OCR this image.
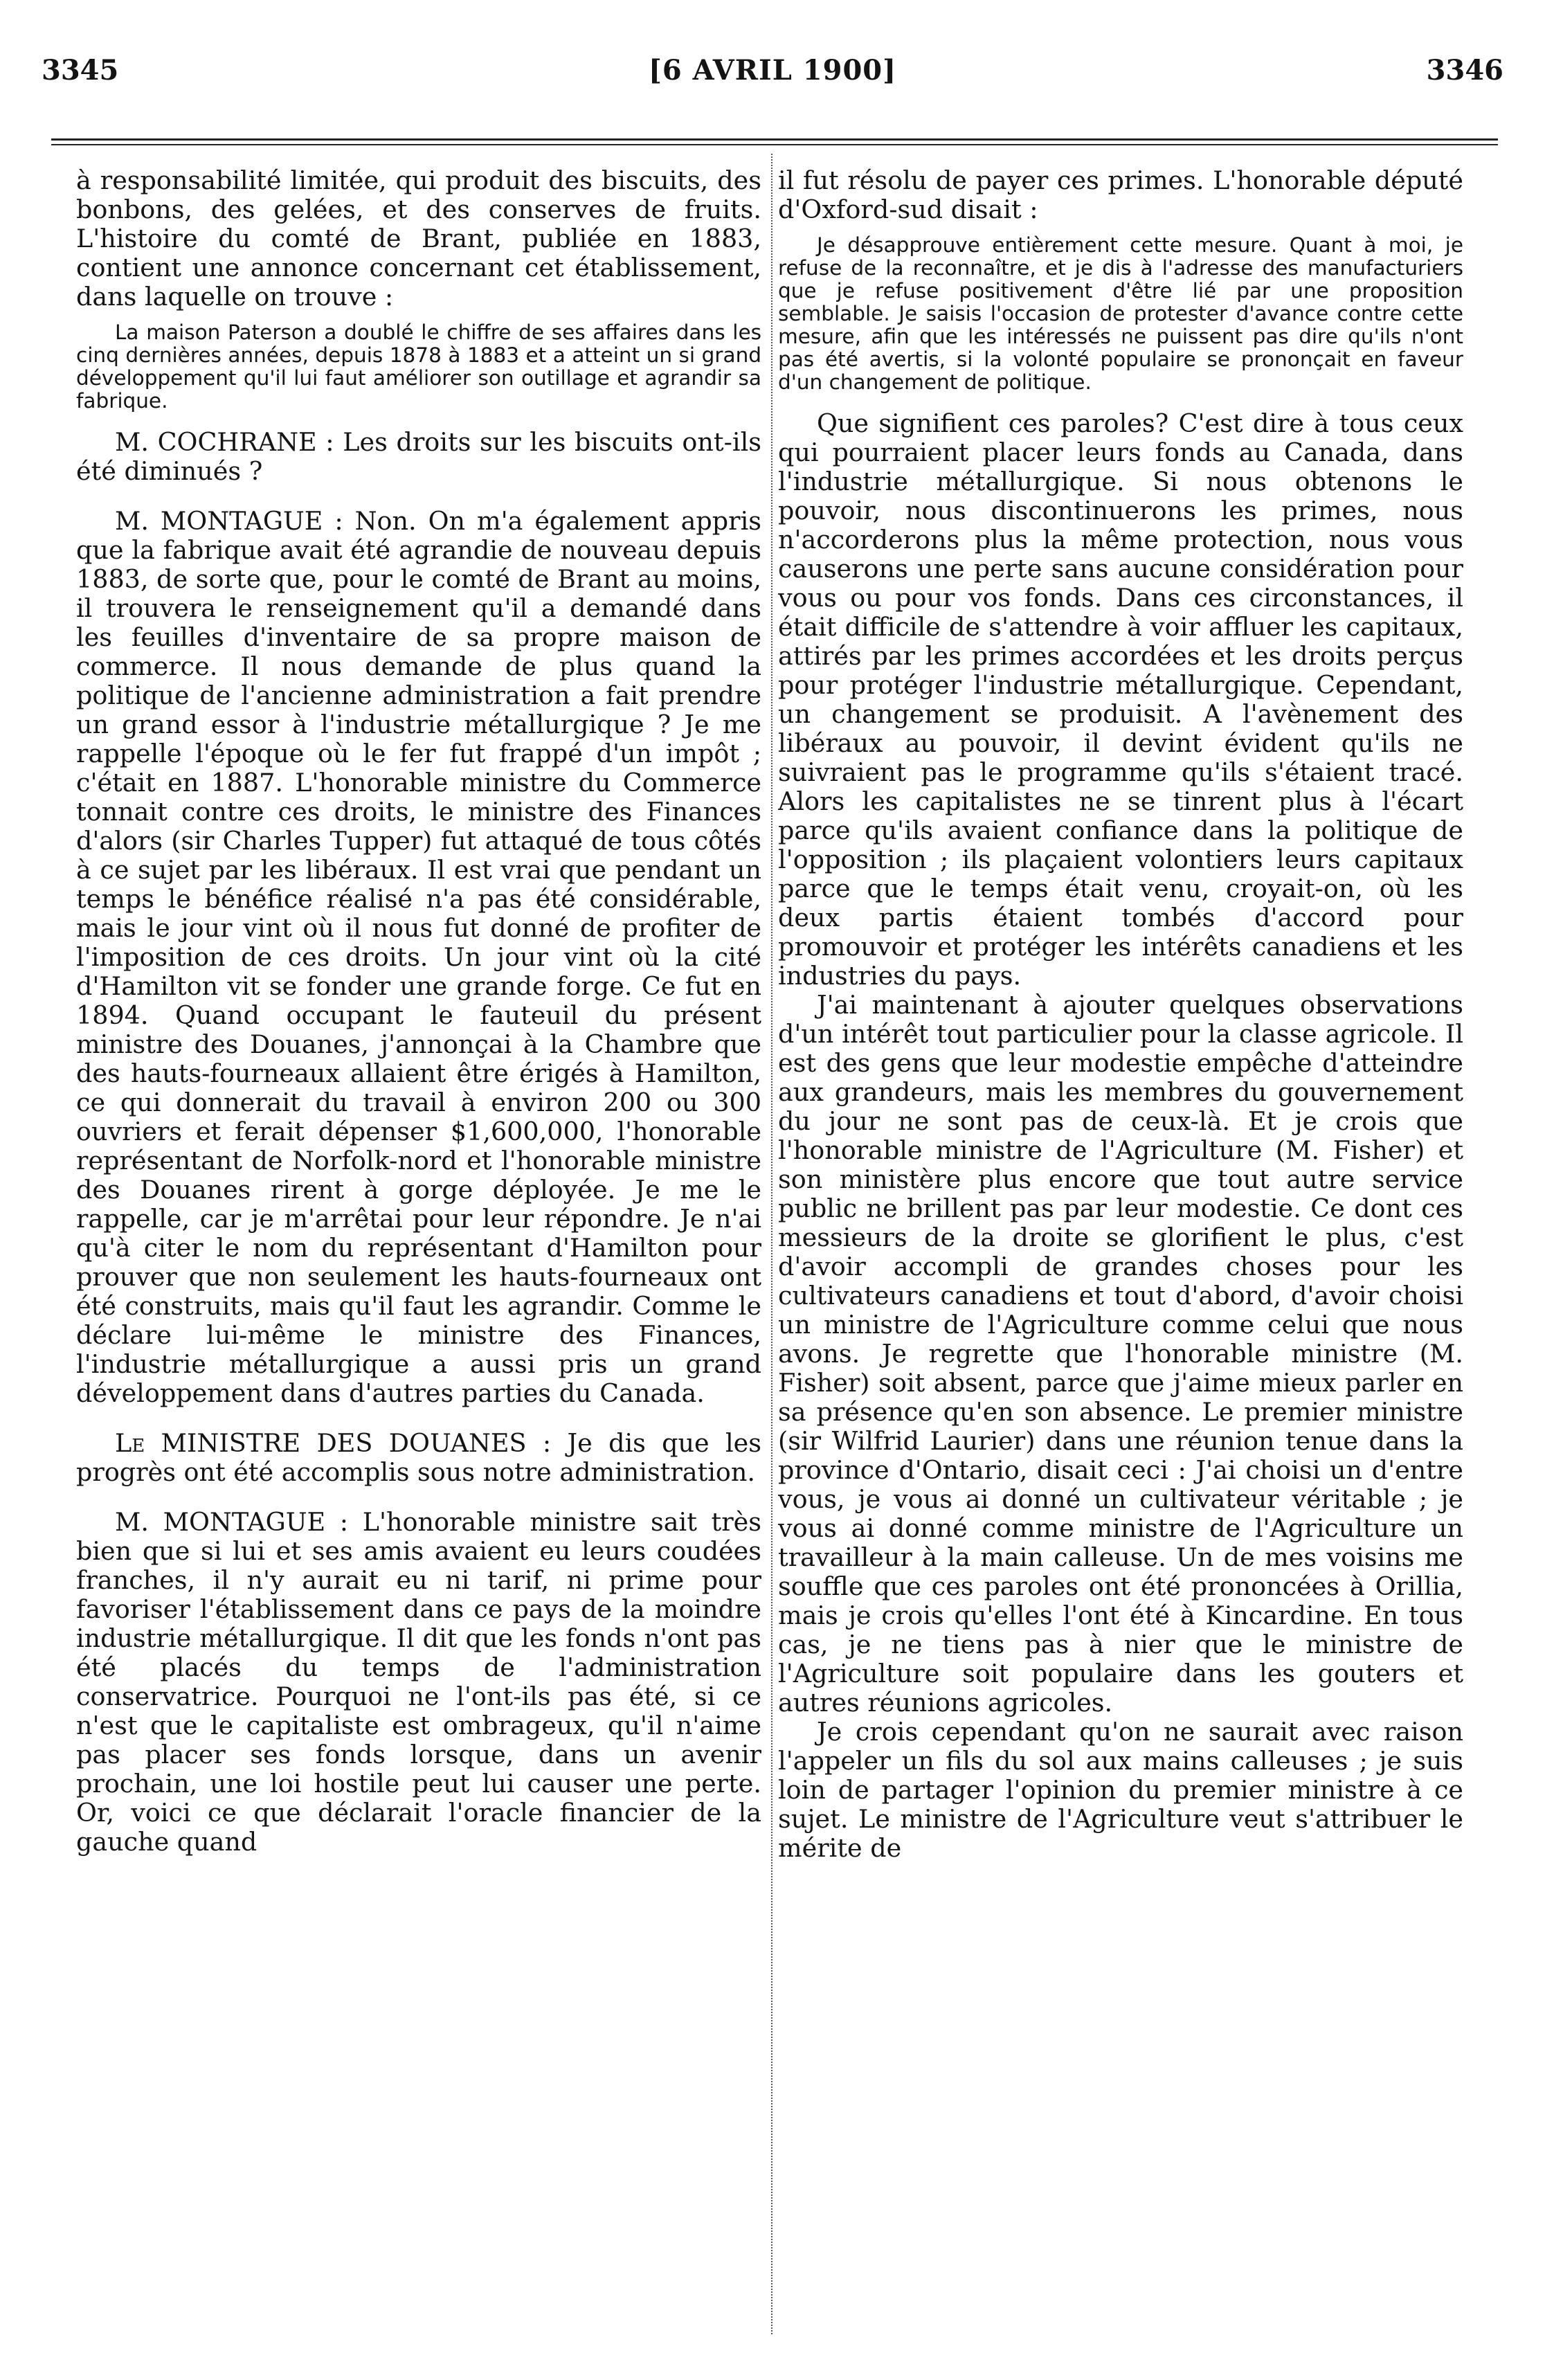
3345	[6 AVRIL 1900]	3346

à responsabilité limitée, qui produit des biscuits, des bonbons, des gelées, et des conserves de fruits. L'histoire du comté de Brant, publiée en 1883, contient une annonce concernant cet établissement, dans laquelle on trouve :

La maison Paterson a doublé le chiffre de ses affaires dans les cinq dernières années, depuis 1878 à 1883 et a atteint un si grand développement qu'il lui faut améliorer son outillage et agrandir sa fabrique.

M. COCHRANE : Les droits sur les biscuits ont-ils été diminués ?

M. MONTAGUE : Non. On m'a également appris que la fabrique avait été agrandie de nouveau depuis 1883, de sorte que, pour le comté de Brant au moins, il trouvera le renseignement qu'il a demandé dans les feuilles d'inventaire de sa propre maison de commerce. Il nous demande de plus quand la politique de l'ancienne administration a fait prendre un grand essor à l'industrie métallurgique ? Je me rappelle l'époque où le fer fut frappé d'un impôt ; c'était en 1887. L'honorable ministre du Commerce tonnait contre ces droits, le ministre des Finances d'alors (sir Charles Tupper) fut attaqué de tous côtés à ce sujet par les libéraux. Il est vrai que pendant un temps le bénéfice réalisé n'a pas été considérable, mais le jour vint où il nous fut donné de profiter de l'imposition de ces droits. Un jour vint où la cité d'Hamilton vit se fonder une grande forge. Ce fut en 1894. Quand occupant le fauteuil du présent ministre des Douanes, j'annonçai à la Chambre que des hauts-fourneaux allaient être érigés à Hamilton, ce qui donnerait du travail à environ 200 ou 300 ouvriers et ferait dépenser $1,600,000, l'honorable représentant de Norfolk-nord et l'honorable ministre des Douanes rirent à gorge déployée. Je me le rappelle, car je m'arrêtai pour leur répondre. Je n'ai qu'à citer le nom du représentant d'Hamilton pour prouver que non seulement les hauts-fourneaux ont été construits, mais qu'il faut les agrandir. Comme le déclare lui-même le ministre des Finances, l'industrie métallurgique a aussi pris un grand développement dans d'autres parties du Canada.

Le MINISTRE DES DOUANES : Je dis que les progrès ont été accomplis sous notre administration.

M. MONTAGUE : L'honorable ministre sait très bien que si lui et ses amis avaient eu leurs coudées franches, il n'y aurait eu ni tarif, ni prime pour favoriser l'établissement dans ce pays de la moindre industrie métallurgique. Il dit que les fonds n'ont pas été placés du temps de l'administration conservatrice. Pourquoi ne l'ont-ils pas été, si ce n'est que le capitaliste est ombrageux, qu'il n'aime pas placer ses fonds lorsque, dans un avenir prochain, une loi hostile peut lui causer une perte. Or, voici ce que déclarait l'oracle financier de la gauche quand

il fut résolu de payer ces primes. L'honorable député d'Oxford-sud disait :

Je désapprouve entièrement cette mesure. Quant à moi, je refuse de la reconnaître, et je dis à l'adresse des manufacturiers que je refuse positivement d'être lié par une proposition semblable. Je saisis l'occasion de protester d'avance contre cette mesure, afin que les intéressés ne puissent pas dire qu'ils n'ont pas été avertis, si la volonté populaire se prononçait en faveur d'un changement de politique.

Que signifient ces paroles? C'est dire à tous ceux qui pourraient placer leurs fonds au Canada, dans l'industrie métallurgique. Si nous obtenons le pouvoir, nous discontinuerons les primes, nous n'accorderons plus la même protection, nous vous causerons une perte sans aucune considération pour vous ou pour vos fonds. Dans ces circonstances, il était difficile de s'attendre à voir affluer les capitaux, attirés par les primes accordées et les droits perçus pour protéger l'industrie métallurgique. Cependant, un changement se produisit. A l'avènement des libéraux au pouvoir, il devint évident qu'ils ne suivraient pas le programme qu'ils s'étaient tracé. Alors les capitalistes ne se tinrent plus à l'écart parce qu'ils avaient confiance dans la politique de l'opposition ; ils plaçaient volontiers leurs capitaux parce que le temps était venu, croyait-on, où les deux partis étaient tombés d'accord pour promouvoir et protéger les intérêts canadiens et les industries du pays.

J'ai maintenant à ajouter quelques observations d'un intérêt tout particulier pour la classe agricole. Il est des gens que leur modestie empêche d'atteindre aux grandeurs, mais les membres du gouvernement du jour ne sont pas de ceux-là. Et je crois que l'honorable ministre de l'Agriculture (M. Fisher) et son ministère plus encore que tout autre service public ne brillent pas par leur modestie. Ce dont ces messieurs de la droite se glorifient le plus, c'est d'avoir accompli de grandes choses pour les cultivateurs canadiens et tout d'abord, d'avoir choisi un ministre de l'Agriculture comme celui que nous avons. Je regrette que l'honorable ministre (M. Fisher) soit absent, parce que j'aime mieux parler en sa présence qu'en son absence. Le premier ministre (sir Wilfrid Laurier) dans une réunion tenue dans la province d'Ontario, disait ceci : J'ai choisi un d'entre vous, je vous ai donné un cultivateur véritable ; je vous ai donné comme ministre de l'Agriculture un travailleur à la main calleuse. Un de mes voisins me souffle que ces paroles ont été prononcées à Orillia, mais je crois qu'elles l'ont été à Kincardine. En tous cas, je ne tiens pas à nier que le ministre de l'Agriculture soit populaire dans les gouters et autres réunions agricoles.

Je crois cependant qu'on ne saurait avec raison l'appeler un fils du sol aux mains calleuses ; je suis loin de partager l'opinion du premier ministre à ce sujet. Le ministre de l'Agriculture veut s'attribuer le mérite de
